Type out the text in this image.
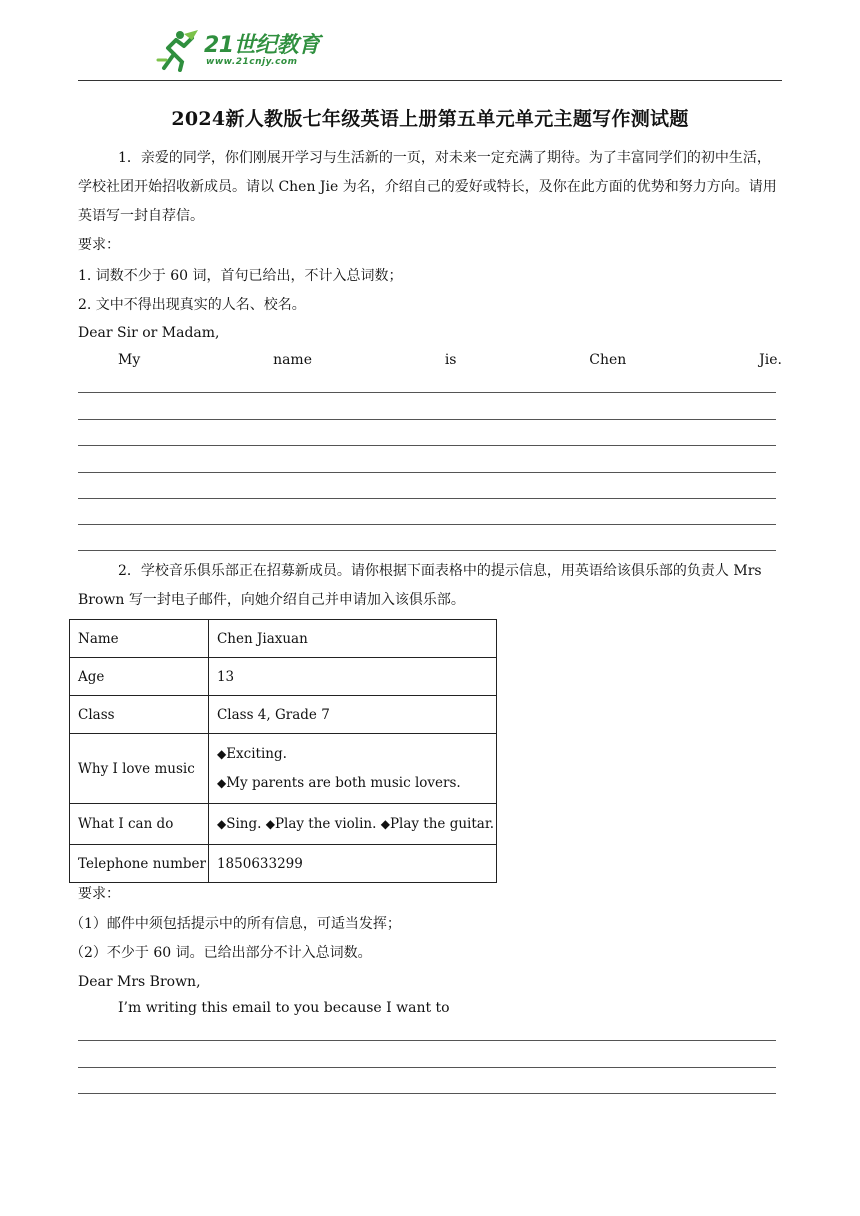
21世纪教育
www.21cnjy.com
2024新人教版七年级英语上册第五单元单元主题写作测试题

1．亲爱的同学，你们刚展开学习与生活新的一页，对未来一定充满了期待。为了丰富同学们的初中生活，学校社团开始招收新成员。请以 Chen Jie 为名，介绍自己的爱好或特长，及你在此方面的优势和努力方向。请用英语写一封自荐信。

要求：

1. 词数不少于 60 词，首句已给出，不计入总词数；

2. 文中不得出现真实的人名、校名。

Dear Sir or Madam,

My	name	is	Chen	Jie.

2．学校音乐俱乐部正在招募新成员。请你根据下面表格中的提示信息，用英语给该俱乐部的负责人 Mrs Brown 写一封电子邮件，向她介绍自己并申请加入该俱乐部。

Name	Chen Jiaxuan
Age	13
Class	Class 4, Grade 7
Why I love music	◆Exciting.
◆My parents are both music lovers.

What I can do	◆Sing. ◆Play the violin. ◆Play the guitar.
Telephone number	1850633299

要求：

（1）邮件中须包括提示中的所有信息，可适当发挥；

（2）不少于 60 词。已给出部分不计入总词数。

Dear Mrs Brown,

I’m writing this email to you because I want to
